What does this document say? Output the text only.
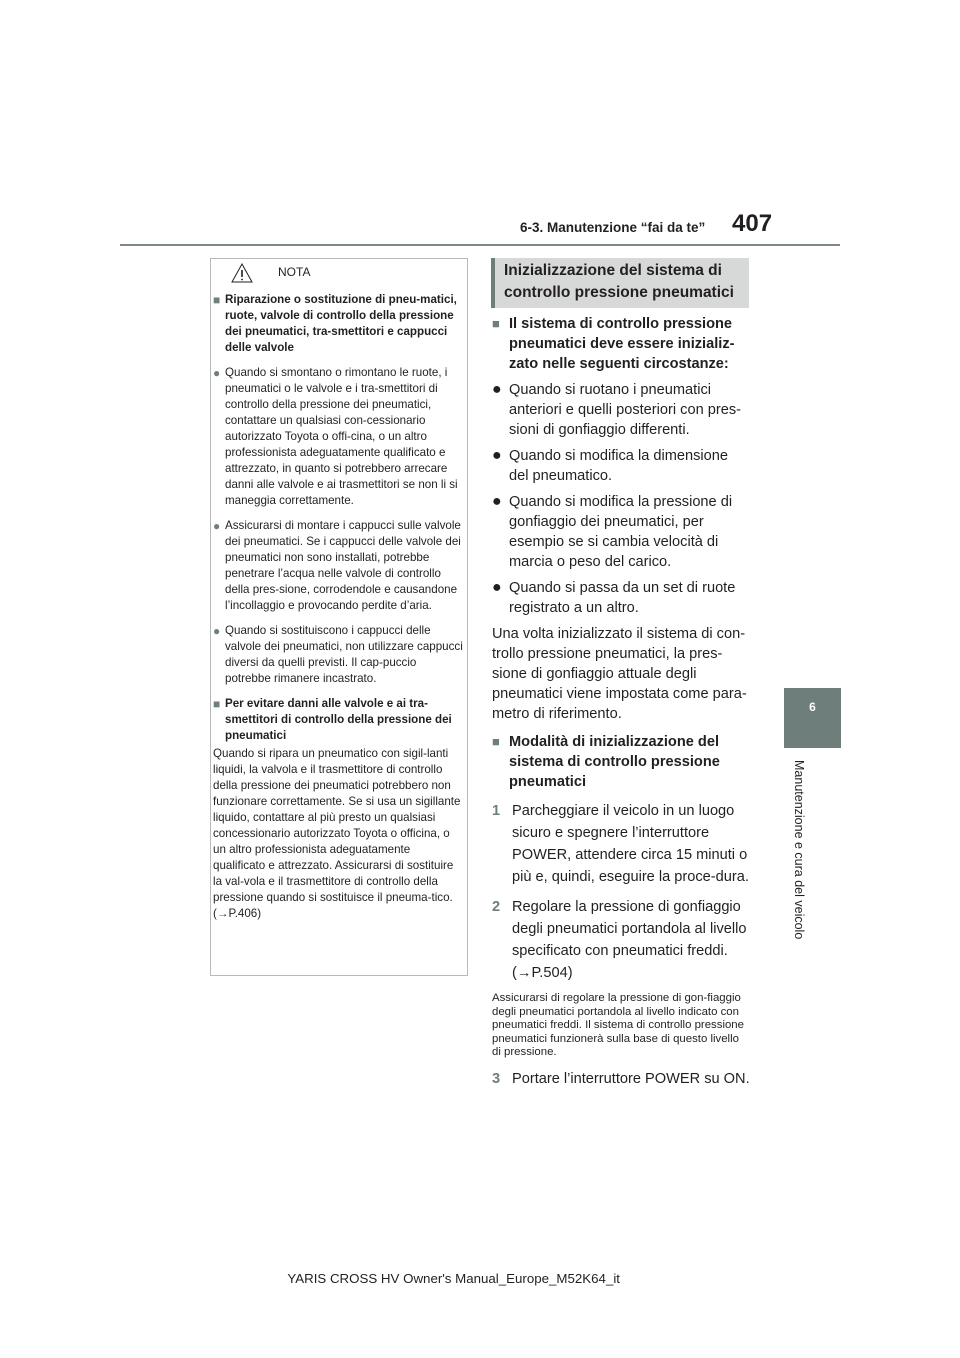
6-3. Manutenzione “fai da te” 407
6
Manutenzione e cura del veicolo
NOTA
■ Riparazione o sostituzione di pneu-matici, ruote, valvole di controllo della pressione dei pneumatici, tra-smettitori e cappucci delle valvole
● Quando si smontano o rimontano le ruote, i pneumatici o le valvole e i tra-smettitori di controllo della pressione dei pneumatici, contattare un qualsiasi con-cessionario autorizzato Toyota o offi-cina, o un altro professionista adeguatamente qualificato e attrezzato, in quanto si potrebbero arrecare danni alle valvole e ai trasmettitori se non li si maneggia correttamente.
● Assicurarsi di montare i cappucci sulle valvole dei pneumatici. Se i cappucci delle valvole dei pneumatici non sono installati, potrebbe penetrare l’acqua nelle valvole di controllo della pres-sione, corrodendole e causandone l’incollaggio e provocando perdite d’aria.
● Quando si sostituiscono i cappucci delle valvole dei pneumatici, non utilizzare cappucci diversi da quelli previsti. Il cap-puccio potrebbe rimanere incastrato.
■ Per evitare danni alle valvole e ai tra-smettitori di controllo della pressione dei pneumatici
Quando si ripara un pneumatico con sigil-lanti liquidi, la valvola e il trasmettitore di controllo della pressione dei pneumatici potrebbero non funzionare correttamente. Se si usa un sigillante liquido, contattare al più presto un qualsiasi concessionario autorizzato Toyota o officina, o un altro professionista adeguatamente qualificato e attrezzato. Assicurarsi di sostituire la val-vola e il trasmettitore di controllo della pressione quando si sostituisce il pneuma-tico. (→P.406)
Inizializzazione del sistema di controllo pressione pneumatici
■ Il sistema di controllo pressione pneumatici deve essere inizializ-zato nelle seguenti circostanze:
● Quando si ruotano i pneumatici anteriori e quelli posteriori con pres-sioni di gonfiaggio differenti.
● Quando si modifica la dimensione del pneumatico.
● Quando si modifica la pressione di gonfiaggio dei pneumatici, per esempio se si cambia velocità di marcia o peso del carico.
● Quando si passa da un set di ruote registrato a un altro.
Una volta inizializzato il sistema di con-trollo pressione pneumatici, la pres-sione di gonfiaggio attuale degli pneumatici viene impostata come para-metro di riferimento.
■ Modalità di inizializzazione del sistema di controllo pressione pneumatici
1 Parcheggiare il veicolo in un luogo sicuro e spegnere l’interruttore POWER, attendere circa 15 minuti o più e, quindi, eseguire la proce-dura.
2 Regolare la pressione di gonfiaggio degli pneumatici portandola al livello specificato con pneumatici freddi. (→P.504)
Assicurarsi di regolare la pressione di gon-fiaggio degli pneumatici portandola al livello indicato con pneumatici freddi. Il sistema di controllo pressione pneumatici funzionerà sulla base di questo livello di pressione.
3 Portare l’interruttore POWER su ON.
YARIS CROSS HV Owner's Manual_Europe_M52K64_it
